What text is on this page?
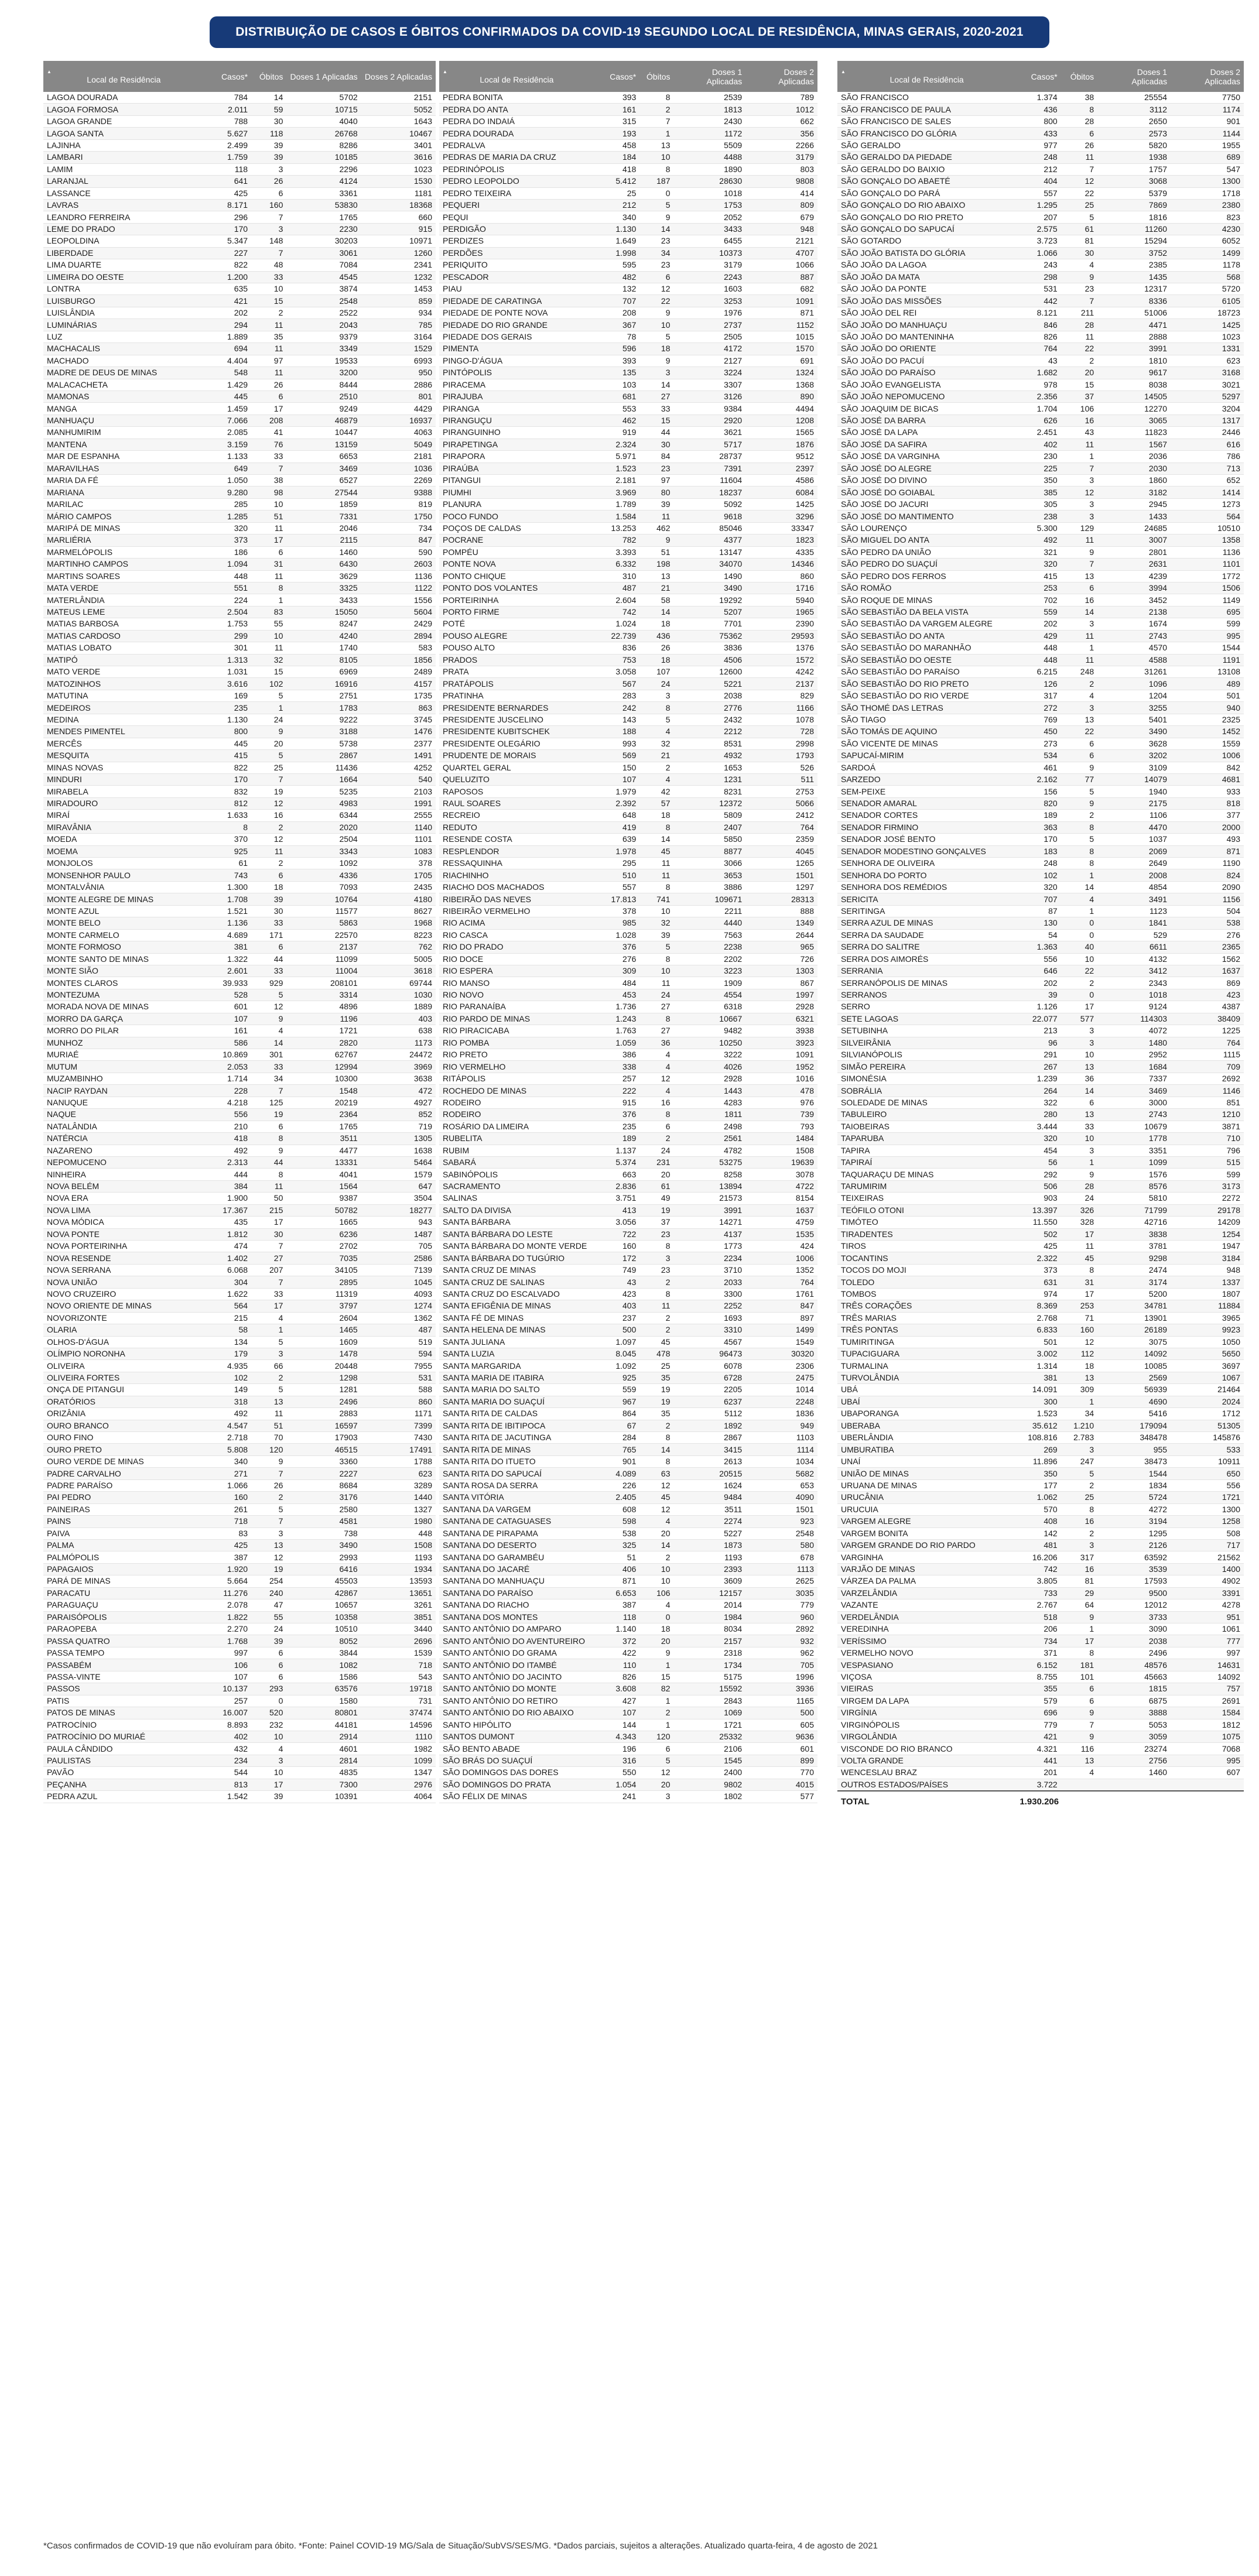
DISTRIBUIÇÃO DE CASOS E ÓBITOS CONFIRMADOS DA COVID-19 SEGUNDO LOCAL DE RESIDÊNCIA, MINAS GERAIS, 2020-2021
▲
Local de Residência	Casos*	Óbitos	Doses 1 Aplicadas	Doses 2 Aplicadas
LAGOA DOURADA	784	14	5702	2151
LAGOA FORMOSA	2.011	59	10715	5052
LAGOA GRANDE	788	30	4040	1643
LAGOA SANTA	5.627	118	26768	10467
LAJINHA	2.499	39	8286	3401
LAMBARI	1.759	39	10185	3616
LAMIM	118	3	2296	1023
LARANJAL	641	26	4124	1530
LASSANCE	425	6	3361	1181
LAVRAS	8.171	160	53830	18368
LEANDRO FERREIRA	296	7	1765	660
LEME DO PRADO	170	3	2230	915
LEOPOLDINA	5.347	148	30203	10971
LIBERDADE	227	7	3061	1260
LIMA DUARTE	822	48	7084	2341
LIMEIRA DO OESTE	1.200	33	4545	1232
LONTRA	635	10	3874	1453
LUISBURGO	421	15	2548	859
LUISLÂNDIA	202	2	2522	934
LUMINÁRIAS	294	11	2043	785
LUZ	1.889	35	9379	3164
MACHACALIS	694	11	3349	1529
MACHADO	4.404	97	19533	6993
MADRE DE DEUS DE MINAS	548	11	3200	950
MALACACHETA	1.429	26	8444	2886
MAMONAS	445	6	2510	801
MANGA	1.459	17	9249	4429
MANHUAÇU	7.066	208	46879	16937
MANHUMIRIM	2.085	41	10447	4063
MANTENA	3.159	76	13159	5049
MAR DE ESPANHA	1.133	33	6653	2181
MARAVILHAS	649	7	3469	1036
MARIA DA FÉ	1.050	38	6527	2269
MARIANA	9.280	98	27544	9388
MARILAC	285	10	1859	819
MÁRIO CAMPOS	1.285	51	7331	1750
MARIPÁ DE MINAS	320	11	2046	734
MARLIÉRIA	373	17	2115	847
MARMELÓPOLIS	186	6	1460	590
MARTINHO CAMPOS	1.094	31	6430	2603
MARTINS SOARES	448	11	3629	1136
MATA VERDE	551	8	3325	1122
MATERLÂNDIA	224	1	3433	1556
MATEUS LEME	2.504	83	15050	5604
MATIAS BARBOSA	1.753	55	8247	2429
MATIAS CARDOSO	299	10	4240	2894
MATIAS LOBATO	301	11	1740	583
MATIPÓ	1.313	32	8105	1856
MATO VERDE	1.031	15	6969	2489
MATOZINHOS	3.616	102	16916	4157
MATUTINA	169	5	2751	1735
MEDEIROS	235	1	1783	863
MEDINA	1.130	24	9222	3745
MENDES PIMENTEL	800	9	3188	1476
MERCÊS	445	20	5738	2377
MESQUITA	415	5	2867	1491
MINAS NOVAS	822	25	11436	4252
MINDURI	170	7	1664	540
MIRABELA	832	19	5235	2103
MIRADOURO	812	12	4983	1991
MIRAÍ	1.633	16	6344	2555
MIRAVÂNIA	8	2	2020	1140
MOEDA	370	12	2504	1101
MOEMA	925	11	3343	1083
MONJOLOS	61	2	1092	378
MONSENHOR PAULO	743	6	4336	1705
MONTALVÂNIA	1.300	18	7093	2435
MONTE ALEGRE DE MINAS	1.708	39	10764	4180
MONTE AZUL	1.521	30	11577	8627
MONTE BELO	1.136	33	5863	1968
MONTE CARMELO	4.689	171	22570	8223
MONTE FORMOSO	381	6	2137	762
MONTE SANTO DE MINAS	1.322	44	11099	5005
MONTE SIÃO	2.601	33	11004	3618
MONTES CLAROS	39.933	929	208101	69744
MONTEZUMA	528	5	3314	1030
MORADA NOVA DE MINAS	601	12	4896	1889
MORRO DA GARÇA	107	9	1196	403
MORRO DO PILAR	161	4	1721	638
MUNHOZ	586	14	2820	1173
MURIAÉ	10.869	301	62767	24472
MUTUM	2.053	33	12994	3969
MUZAMBINHO	1.714	34	10300	3638
NACIP RAYDAN	228	7	1548	472
NANUQUE	4.218	125	20219	4927
NAQUE	556	19	2364	852
NATALÂNDIA	210	6	1765	719
NATÉRCIA	418	8	3511	1305
NAZARENO	492	9	4477	1638
NEPOMUCENO	2.313	44	13331	5464
NINHEIRA	444	8	4041	1579
NOVA BELÉM	384	11	1564	647
NOVA ERA	1.900	50	9387	3504
NOVA LIMA	17.367	215	50782	18277
NOVA MÓDICA	435	17	1665	943
NOVA PONTE	1.812	30	6236	1487
NOVA PORTEIRINHA	474	7	2702	705
NOVA RESENDE	1.402	27	7035	2586
NOVA SERRANA	6.068	207	34105	7139
NOVA UNIÃO	304	7	2895	1045
NOVO CRUZEIRO	1.622	33	11319	4093
NOVO ORIENTE DE MINAS	564	17	3797	1274
NOVORIZONTE	215	4	2604	1362
OLARIA	58	1	1465	487
OLHOS-D'ÁGUA	134	5	1609	519
OLÍMPIO NORONHA	179	3	1478	594
OLIVEIRA	4.935	66	20448	7955
OLIVEIRA FORTES	102	2	1298	531
ONÇA DE PITANGUI	149	5	1281	588
ORATÓRIOS	318	13	2496	860
ORIZÂNIA	492	11	2883	1171
OURO BRANCO	4.547	51	16597	7399
OURO FINO	2.718	70	17903	7430
OURO PRETO	5.808	120	46515	17491
OURO VERDE DE MINAS	340	9	3360	1788
PADRE CARVALHO	271	7	2227	623
PADRE PARAÍSO	1.066	26	8684	3289
PAI PEDRO	160	2	3176	1440
PAINEIRAS	261	5	2580	1327
PAINS	718	7	4581	1980
PAIVA	83	3	738	448
PALMA	425	13	3490	1508
PALMÓPOLIS	387	12	2993	1193
PAPAGAIOS	1.920	19	6416	1934
PARÁ DE MINAS	5.664	254	45503	13593
PARACATU	11.276	240	42867	13651
PARAGUAÇU	2.078	47	10657	3261
PARAISÓPOLIS	1.822	55	10358	3851
PARAOPEBA	2.270	24	10510	3440
PASSA QUATRO	1.768	39	8052	2696
PASSA TEMPO	997	6	3844	1539
PASSABÉM	106	6	1082	718
PASSA-VINTE	107	6	1586	543
PASSOS	10.137	293	63576	19718
PATIS	257	0	1580	731
PATOS DE MINAS	16.007	520	80801	37474
PATROCÍNIO	8.893	232	44181	14596
PATROCÍNIO DO MURIAÉ	402	10	2914	1110
PAULA CÂNDIDO	432	4	4601	1982
PAULISTAS	234	3	2814	1099
PAVÃO	544	10	4835	1347
PEÇANHA	813	17	7300	2976
PEDRA AZUL	1.542	39	10391	4064
▲
Local de Residência	Casos*	Óbitos	Doses 1 Aplicadas	Doses 2 Aplicadas
PEDRA BONITA	393	8	2539	789
PEDRA DO ANTA	161	2	1813	1012
PEDRA DO INDAIÁ	315	7	2430	662
PEDRA DOURADA	193	1	1172	356
PEDRALVA	458	13	5509	2266
PEDRAS DE MARIA DA CRUZ	184	10	4488	3179
PEDRINÓPOLIS	418	8	1890	803
PEDRO LEOPOLDO	5.412	187	28630	9808
PEDRO TEIXEIRA	25	0	1018	414
PEQUERI	212	5	1753	809
PEQUI	340	9	2052	679
PERDIGÃO	1.130	14	3433	948
PERDIZES	1.649	23	6455	2121
PERDÕES	1.998	34	10373	4707
PERIQUITO	595	23	3179	1066
PESCADOR	482	6	2243	887
PIAU	132	12	1603	682
PIEDADE DE CARATINGA	707	22	3253	1091
PIEDADE DE PONTE NOVA	208	9	1976	871
PIEDADE DO RIO GRANDE	367	10	2737	1152
PIEDADE DOS GERAIS	78	5	2505	1015
PIMENTA	596	18	4172	1570
PINGO-D'ÁGUA	393	9	2127	691
PINTÓPOLIS	135	3	3224	1324
PIRACEMA	103	14	3307	1368
PIRAJUBA	681	27	3126	890
PIRANGA	553	33	9384	4494
PIRANGUÇU	462	15	2920	1208
PIRANGUINHO	919	44	3621	1565
PIRAPETINGA	2.324	30	5717	1876
PIRAPORA	5.971	84	28737	9512
PIRAÚBA	1.523	23	7391	2397
PITANGUI	2.181	97	11604	4586
PIUMHI	3.969	80	18237	6084
PLANURA	1.789	39	5092	1425
POCO FUNDO	1.584	11	9618	3296
POÇOS DE CALDAS	13.253	462	85046	33347
POCRANE	782	9	4377	1823
POMPÉU	3.393	51	13147	4335
PONTE NOVA	6.332	198	34070	14346
PONTO CHIQUE	310	13	1490	860
PONTO DOS VOLANTES	487	21	3490	1716
PORTEIRINHA	2.604	58	19292	5940
PORTO FIRME	742	14	5207	1965
POTÉ	1.024	18	7701	2390
POUSO ALEGRE	22.739	436	75362	29593
POUSO ALTO	836	26	3836	1376
PRADOS	753	18	4506	1572
PRATA	3.058	107	12600	4242
PRATÁPOLIS	567	24	5221	2137
PRATINHA	283	3	2038	829
PRESIDENTE BERNARDES	242	8	2776	1166
PRESIDENTE JUSCELINO	143	5	2432	1078
PRESIDENTE KUBITSCHEK	188	4	2212	728
PRESIDENTE OLEGÁRIO	993	32	8531	2998
PRUDENTE DE MORAIS	569	21	4932	1793
QUARTEL GERAL	150	2	1653	526
QUELUZITO	107	4	1231	511
RAPOSOS	1.979	42	8231	2753
RAUL SOARES	2.392	57	12372	5066
RECREIO	648	18	5809	2412
REDUTO	419	8	2407	764
RESENDE COSTA	639	14	5850	2359
RESPLENDOR	1.978	45	8877	4045
RESSAQUINHA	295	11	3066	1265
RIACHINHO	510	11	3653	1501
RIACHO DOS MACHADOS	557	8	3886	1297
RIBEIRÃO DAS NEVES	17.813	741	109671	28313
RIBEIRÃO VERMELHO	378	10	2211	888
RIO ACIMA	985	32	4440	1349
RIO CASCA	1.028	39	7563	2644
RIO DO PRADO	376	5	2238	965
RIO DOCE	276	8	2202	726
RIO ESPERA	309	10	3223	1303
RIO MANSO	484	11	1909	867
RIO NOVO	453	24	4554	1997
RIO PARANAÍBA	1.736	27	6318	2928
RIO PARDO DE MINAS	1.243	8	10667	6321
RIO PIRACICABA	1.763	27	9482	3938
RIO POMBA	1.059	36	10250	3923
RIO PRETO	386	4	3222	1091
RIO VERMELHO	338	4	4026	1952
RITÁPOLIS	257	12	2928	1016
ROCHEDO DE MINAS	222	4	1443	478
RODEIRO	915	16	4283	976
RODEIRO	376	8	1811	739
ROSÁRIO DA LIMEIRA	235	6	2498	793
RUBELITA	189	2	2561	1484
RUBIM	1.137	24	4782	1508
SABARÁ	5.374	231	53275	19639
SABINÓPOLIS	663	20	8258	3078
SACRAMENTO	2.836	61	13894	4722
SALINAS	3.751	49	21573	8154
SALTO DA DIVISA	413	19	3991	1637
SANTA BÁRBARA	3.056	37	14271	4759
SANTA BÁRBARA DO LESTE	722	23	4137	1535
SANTA BÁRBARA DO MONTE VERDE	160	8	1773	424
SANTA BÁRBARA DO TUGÚRIO	172	3	2234	1006
SANTA CRUZ DE MINAS	749	23	3710	1352
SANTA CRUZ DE SALINAS	43	2	2033	764
SANTA CRUZ DO ESCALVADO	423	8	3300	1761
SANTA EFIGÊNIA DE MINAS	403	11	2252	847
SANTA FÉ DE MINAS	237	2	1693	897
SANTA HELENA DE MINAS	500	2	3310	1499
SANTA JULIANA	1.097	45	4567	1549
SANTA LUZIA	8.045	478	96473	30320
SANTA MARGARIDA	1.092	25	6078	2306
SANTA MARIA DE ITABIRA	925	35	6728	2475
SANTA MARIA DO SALTO	559	19	2205	1014
SANTA MARIA DO SUAÇUÍ	967	19	6237	2248
SANTA RITA DE CALDAS	864	35	5112	1836
SANTA RITA DE IBITIPOCA	67	2	1892	949
SANTA RITA DE JACUTINGA	284	8	2867	1103
SANTA RITA DE MINAS	765	14	3415	1114
SANTA RITA DO ITUETO	901	8	2613	1034
SANTA RITA DO SAPUCAÍ	4.089	63	20515	5682
SANTA ROSA DA SERRA	226	12	1624	653
SANTA VITÓRIA	2.405	45	9484	4090
SANTANA DA VARGEM	608	12	3511	1501
SANTANA DE CATAGUASES	598	4	2274	923
SANTANA DE PIRAPAMA	538	20	5227	2548
SANTANA DO DESERTO	325	14	1873	580
SANTANA DO GARAMBÉU	51	2	1193	678
SANTANA DO JACARÉ	406	10	2393	1113
SANTANA DO MANHUAÇU	871	10	3609	2625
SANTANA DO PARAÍSO	6.653	106	12157	3035
SANTANA DO RIACHO	387	4	2014	779
SANTANA DOS MONTES	118	0	1984	960
SANTO ANTÔNIO DO AMPARO	1.140	18	8034	2892
SANTO ANTÔNIO DO AVENTUREIRO	372	20	2157	932
SANTO ANTÔNIO DO GRAMA	422	9	2318	962
SANTO ANTÔNIO DO ITAMBÉ	110	1	1734	705
SANTO ANTÔNIO DO JACINTO	826	15	5175	1996
SANTO ANTÔNIO DO MONTE	3.608	82	15592	3936
SANTO ANTÔNIO DO RETIRO	427	1	2843	1165
SANTO ANTÔNIO DO RIO ABAIXO	107	2	1069	500
SANTO HIPÓLITO	144	1	1721	605
SANTOS DUMONT	4.343	120	25332	9636
SÃO BENTO ABADE	196	6	2106	601
SÃO BRÁS DO SUAÇUÍ	316	5	1545	899
SÃO DOMINGOS DAS DORES	550	12	2400	770
SÃO DOMINGOS DO PRATA	1.054	20	9802	4015
SÃO FÉLIX DE MINAS	241	3	1802	577
▲
Local de Residência	Casos*	Óbitos	Doses 1 Aplicadas	Doses 2 Aplicadas
SÃO FRANCISCO	1.374	38	25554	7750
SÃO FRANCISCO DE PAULA	436	8	3112	1174
SÃO FRANCISCO DE SALES	800	28	2650	901
SÃO FRANCISCO DO GLÓRIA	433	6	2573	1144
SÃO GERALDO	977	26	5820	1955
SÃO GERALDO DA PIEDADE	248	11	1938	689
SÃO GERALDO DO BAIXIO	212	7	1757	547
SÃO GONÇALO DO ABAETÉ	404	12	3068	1300
SÃO GONÇALO DO PARÁ	557	22	5379	1718
SÃO GONÇALO DO RIO ABAIXO	1.295	25	7869	2380
SÃO GONÇALO DO RIO PRETO	207	5	1816	823
SÃO GONÇALO DO SAPUCAÍ	2.575	61	11260	4230
SÃO GOTARDO	3.723	81	15294	6052
SÃO JOÃO BATISTA DO GLÓRIA	1.066	30	3752	1499
SÃO JOÃO DA LAGOA	243	4	2385	1178
SÃO JOÃO DA MATA	298	9	1435	568
SÃO JOÃO DA PONTE	531	23	12317	5720
SÃO JOÃO DAS MISSÕES	442	7	8336	6105
SÃO JOÃO DEL REI	8.121	211	51006	18723
SÃO JOÃO DO MANHUAÇU	846	28	4471	1425
SÃO JOÃO DO MANTENINHA	826	11	2888	1023
SÃO JOÃO DO ORIENTE	764	22	3991	1331
SÃO JOÃO DO PACUÍ	43	2	1810	623
SÃO JOÃO DO PARAÍSO	1.682	20	9617	3168
SÃO JOÃO EVANGELISTA	978	15	8038	3021
SÃO JOÃO NEPOMUCENO	2.356	37	14505	5297
SÃO JOAQUIM DE BICAS	1.704	106	12270	3204
SÃO JOSÉ DA BARRA	626	16	3065	1317
SÃO JOSÉ DA LAPA	2.451	43	11823	2446
SÃO JOSÉ DA SAFIRA	402	11	1567	616
SÃO JOSÉ DA VARGINHA	230	1	2036	786
SÃO JOSÉ DO ALEGRE	225	7	2030	713
SÃO JOSÉ DO DIVINO	350	3	1860	652
SÃO JOSÉ DO GOIABAL	385	12	3182	1414
SÃO JOSÉ DO JACURI	305	3	2945	1273
SÃO JOSÉ DO MANTIMENTO	238	3	1433	564
SÃO LOURENÇO	5.300	129	24685	10510
SÃO MIGUEL DO ANTA	492	11	3007	1358
SÃO PEDRO DA UNIÃO	321	9	2801	1136
SÃO PEDRO DO SUAÇUÍ	320	7	2631	1101
SÃO PEDRO DOS FERROS	415	13	4239	1772
SÃO ROMÃO	253	6	3994	1506
SÃO ROQUE DE MINAS	702	16	3452	1149
SÃO SEBASTIÃO DA BELA VISTA	559	14	2138	695
SÃO SEBASTIÃO DA VARGEM ALEGRE	202	3	1674	599
SÃO SEBASTIÃO DO ANTA	429	11	2743	995
SÃO SEBASTIÃO DO MARANHÃO	448	1	4570	1544
SÃO SEBASTIÃO DO OESTE	448	11	4588	1191
SÃO SEBASTIÃO DO PARAÍSO	6.215	248	31261	13108
SÃO SEBASTIÃO DO RIO PRETO	126	2	1096	489
SÃO SEBASTIÃO DO RIO VERDE	317	4	1204	501
SÃO THOMÉ DAS LETRAS	272	3	3255	940
SÃO TIAGO	769	13	5401	2325
SÃO TOMÁS DE AQUINO	450	22	3490	1452
SÃO VICENTE DE MINAS	273	6	3628	1559
SAPUCAÍ-MIRIM	534	6	3202	1006
SARDOÁ	461	9	3109	842
SARZEDO	2.162	77	14079	4681
SEM-PEIXE	156	5	1940	933
SENADOR AMARAL	820	9	2175	818
SENADOR CORTES	189	2	1106	377
SENADOR FIRMINO	363	8	4470	2000
SENADOR JOSÉ BENTO	170	5	1037	493
SENADOR MODESTINO GONÇALVES	183	8	2069	871
SENHORA DE OLIVEIRA	248	8	2649	1190
SENHORA DO PORTO	102	1	2008	824
SENHORA DOS REMÉDIOS	320	14	4854	2090
SERICITA	707	4	3491	1156
SERITINGA	87	1	1123	504
SERRA AZUL DE MINAS	130	0	1841	538
SERRA DA SAUDADE	54	0	529	276
SERRA DO SALITRE	1.363	40	6611	2365
SERRA DOS AIMORÉS	556	10	4132	1562
SERRANIA	646	22	3412	1637
SERRANÓPOLIS DE MINAS	202	2	2343	869
SERRANOS	39	0	1018	423
SERRO	1.126	17	9124	4387
SETE LAGOAS	22.077	577	114303	38409
SETUBINHA	213	3	4072	1225
SILVEIRÂNIA	96	3	1480	764
SILVIANÓPOLIS	291	10	2952	1115
SIMÃO PEREIRA	267	13	1684	709
SIMONÉSIA	1.239	36	7337	2692
SOBRÁLIA	264	14	3469	1146
SOLEDADE DE MINAS	322	6	3000	851
TABULEIRO	280	13	2743	1210
TAIOBEIRAS	3.444	33	10679	3871
TAPARUBA	320	10	1778	710
TAPIRA	454	3	3351	796
TAPIRAÍ	56	1	1099	515
TAQUARAÇU DE MINAS	292	9	1576	599
TARUMIRIM	506	28	8576	3173
TEIXEIRAS	903	24	5810	2272
TEÓFILO OTONI	13.397	326	71799	29178
TIMÓTEO	11.550	328	42716	14209
TIRADENTES	502	17	3838	1254
TIROS	425	11	3781	1947
TOCANTINS	2.322	45	9298	3184
TOCOS DO MOJI	373	8	2474	948
TOLEDO	631	31	3174	1337
TOMBOS	974	17	5200	1807
TRÊS CORAÇÕES	8.369	253	34781	11884
TRÊS MARIAS	2.768	71	13901	3965
TRÊS PONTAS	6.833	160	26189	9923
TUMIRITINGA	501	12	3075	1050
TUPACIGUARA	3.002	112	14092	5650
TURMALINA	1.314	18	10085	3697
TURVOLÂNDIA	381	13	2569	1067
UBÁ	14.091	309	56939	21464
UBAÍ	300	1	4690	2024
UBAPORANGA	1.523	34	5416	1712
UBERABA	35.612	1.210	179094	51305
UBERLÂNDIA	108.816	2.783	348478	145876
UMBURATIBA	269	3	955	533
UNAÍ	11.896	247	38473	10911
UNIÃO DE MINAS	350	5	1544	650
URUANA DE MINAS	177	2	1834	556
URUCÂNIA	1.062	25	5724	1721
URUCUIA	570	8	4272	1300
VARGEM ALEGRE	408	16	3194	1258
VARGEM BONITA	142	2	1295	508
VARGEM GRANDE DO RIO PARDO	481	3	2126	717
VARGINHA	16.206	317	63592	21562
VARJÃO DE MINAS	742	16	3539	1400
VÁRZEA DA PALMA	3.805	81	17593	4902
VARZELÂNDIA	733	29	9500	3391
VAZANTE	2.767	64	12012	4278
VERDELÂNDIA	518	9	3733	951
VEREDINHA	206	1	3090	1061
VERÍSSIMO	734	17	2038	777
VERMELHO NOVO	371	8	2496	997
VESPASIANO	6.152	181	48576	14631
VIÇOSA	8.755	101	45663	14092
VIEIRAS	355	6	1815	757
VIRGEM DA LAPA	579	6	6875	2691
VIRGÍNIA	696	9	3888	1584
VIRGINÓPOLIS	779	7	5053	1812
VIRGOLÂNDIA	421	9	3059	1075
VISCONDE DO RIO BRANCO	4.321	116	23274	7068
VOLTA GRANDE	441	13	2756	995
WENCESLAU BRAZ	201	4	1460	607
OUTROS ESTADOS/PAÍSES	3.722			
TOTAL	1.930.206			
*Casos confirmados de COVID-19 que não evoluíram para óbito. *Fonte: Painel COVID-19 MG/Sala de Situação/SubVS/SES/MG. *Dados parciais, sujeitos a alterações. Atualizado quarta-feira, 4 de agosto de 2021
